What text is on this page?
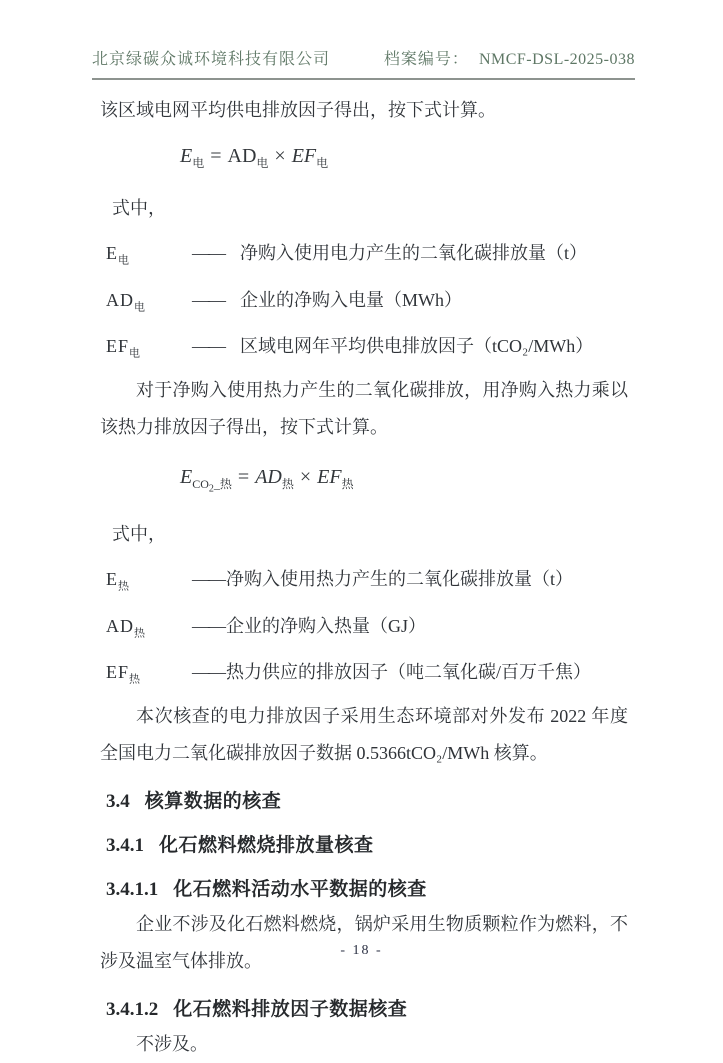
北京绿碳众诚环境科技有限公司	档案编号： NMCF-DSL-2025-038

该区域电网平均供电排放因子得出，按下式计算。

$E_电 = AD_电 \times EF_电$

式中，

$E_电$	—— 净购入使用电力产生的二氧化碳排放量（t）
$AD_电$	—— 企业的净购入电量（MWh）
$EF_电$	—— 区域电网年平均供电排放因子（tCO₂/MWh）

对于净购入使用热力产生的二氧化碳排放，用净购入热力乘以该热力排放因子得出，按下式计算。

$E_{CO_2\_热} = AD_热 \times EF_热$

式中，

$E_热$	—— 净购入使用热力产生的二氧化碳排放量（t）
$AD_热$	—— 企业的净购入热量（GJ）
$EF_热$	—— 热力供应的排放因子（吨二氧化碳/百万千焦）

本次核查的电力排放因子采用生态环境部对外发布 2022 年度全国电力二氧化碳排放因子数据 0.5366tCO₂/MWh 核算。

3.4 核算数据的核查
3.4.1 化石燃料燃烧排放量核查
3.4.1.1 化石燃料活动水平数据的核查

企业不涉及化石燃料燃烧，锅炉采用生物质颗粒作为燃料，不涉及温室气体排放。

3.4.1.2 化石燃料排放因子数据核查

不涉及。

- 18 -
